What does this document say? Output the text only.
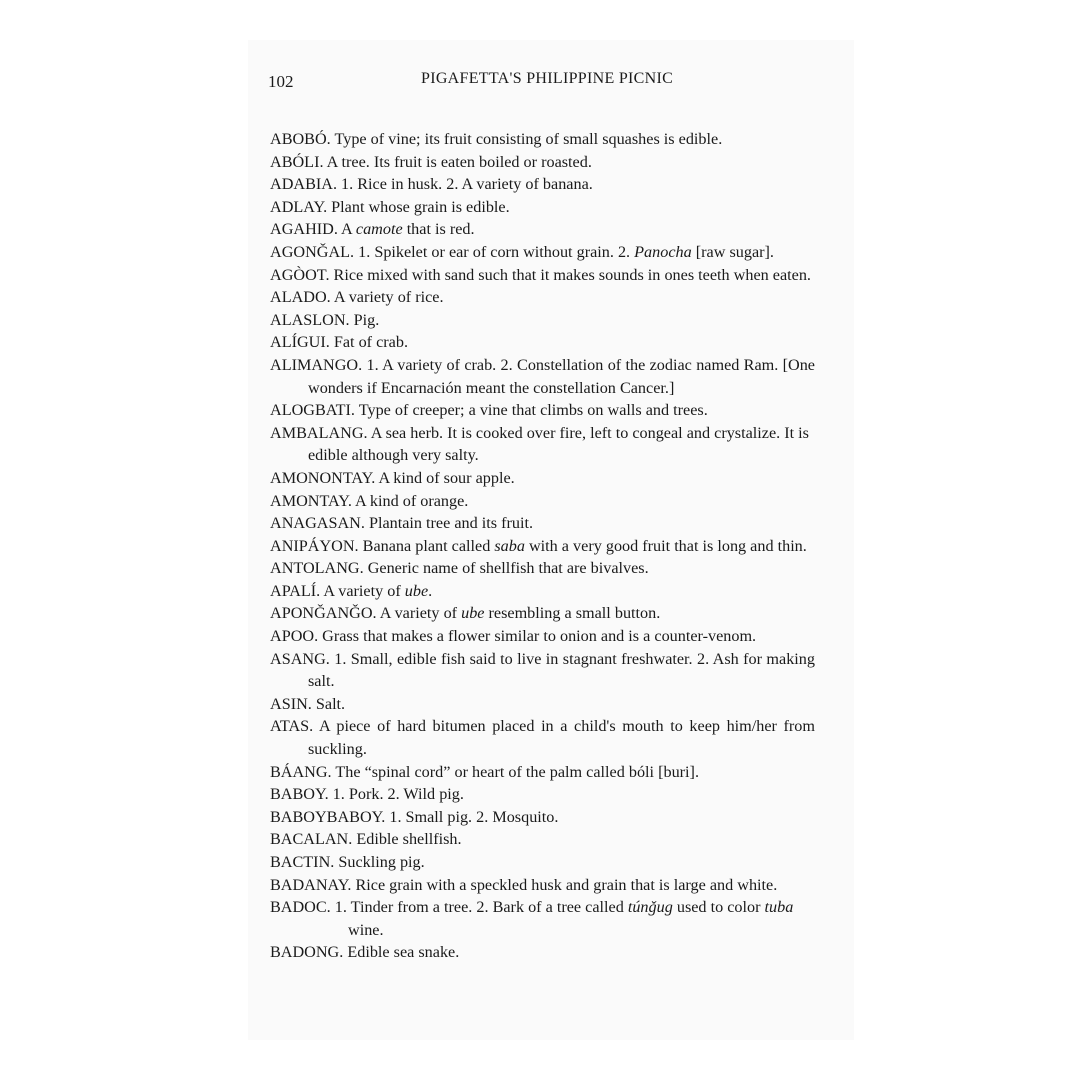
102	PIGAFETTA'S PHILIPPINE PICNIC
ABOBÓ. Type of vine; its fruit consisting of small squashes is edible.
ABÓLI. A tree. Its fruit is eaten boiled or roasted.
ADABIA. 1. Rice in husk. 2. A variety of banana.
ADLAY. Plant whose grain is edible.
AGAHID. A camote that is red.
AGONǦAL. 1. Spikelet or ear of corn without grain. 2. Panocha [raw sugar].
AGÒOT. Rice mixed with sand such that it makes sounds in ones teeth when eaten.
ALADO. A variety of rice.
ALASLON. Pig.
ALÍGUI. Fat of crab.
ALIMANGO. 1. A variety of crab. 2. Constellation of the zodiac named Ram. [One wonders if Encarnación meant the constellation Cancer.]
ALOGBATI. Type of creeper; a vine that climbs on walls and trees.
AMBALANG. A sea herb. It is cooked over fire, left to congeal and crystalize. It is edible although very salty.
AMONONTAY. A kind of sour apple.
AMONTAY. A kind of orange.
ANAGASAN. Plantain tree and its fruit.
ANIPÁYON. Banana plant called saba with a very good fruit that is long and thin.
ANTOLANG. Generic name of shellfish that are bivalves.
APALÍ. A variety of ube.
APONǦANǦO. A variety of ube resembling a small button.
APOO. Grass that makes a flower similar to onion and is a counter-venom.
ASANG. 1. Small, edible fish said to live in stagnant freshwater. 2. Ash for making salt.
ASIN. Salt.
ATAS. A piece of hard bitumen placed in a child's mouth to keep him/her from suckling.
BÁANG. The “spinal cord” or heart of the palm called bóli [buri].
BABOY. 1. Pork. 2. Wild pig.
BABOYBABOY. 1. Small pig. 2. Mosquito.
BACALAN. Edible shellfish.
BACTIN. Suckling pig.
BADANAY. Rice grain with a speckled husk and grain that is large and white.
BADOC. 1. Tinder from a tree. 2. Bark of a tree called túnǧug used to color tuba wine.
BADONG. Edible sea snake.
